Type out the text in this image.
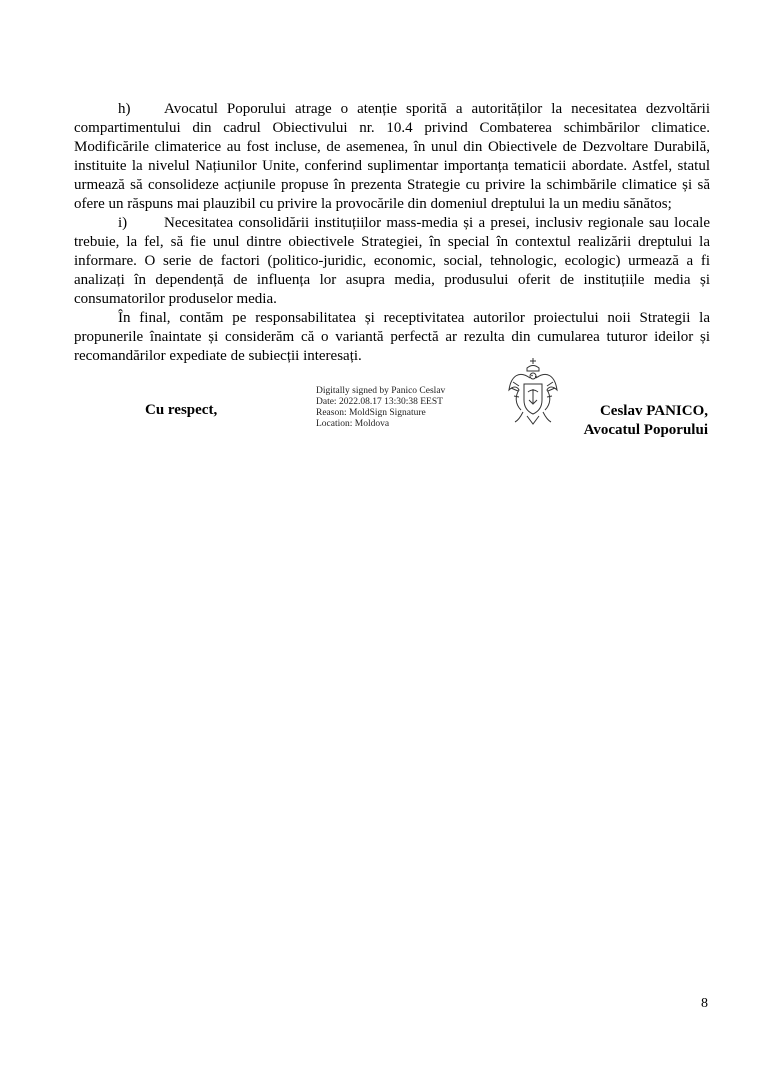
h) Avocatul Poporului atrage o atenție sporită a autorităților la necesitatea dezvoltării compartimentului din cadrul Obiectivului nr. 10.4 privind Combaterea schimbărilor climatice. Modificările climaterice au fost incluse, de asemenea, în unul din Obiectivele de Dezvoltare Durabilă, instituite la nivelul Națiunilor Unite, conferind suplimentar importanța tematicii abordate. Astfel, statul urmează să consolideze acțiunile propuse în prezenta Strategie cu privire la schimbările climatice și să ofere un răspuns mai plauzibil cu privire la provocările din domeniul dreptului la un mediu sănătos;

i) Necesitatea consolidării instituțiilor mass-media și a presei, inclusiv regionale sau locale trebuie, la fel, să fie unul dintre obiectivele Strategiei, în special în contextul realizării dreptului la informare. O serie de factori (politico-juridic, economic, social, tehnologic, ecologic) urmează a fi analizați în dependență de influența lor asupra media, produsului oferit de instituțiile media și consumatorilor produselor media.

În final, contăm pe responsabilitatea și receptivitatea autorilor proiectului noii Strategii la propunerile înaintate și considerăm că o variantă perfectă ar rezulta din cumularea tuturor ideilor și recomandărilor expediate de subiecții interesați.

Cu respect,
Digitally signed by Panico Ceslav
Date: 2022.08.17 13:30:38 EEST
Reason: MoldSign Signature
Location: Moldova
Ceslav PANICO,
Avocatul Poporului
8
